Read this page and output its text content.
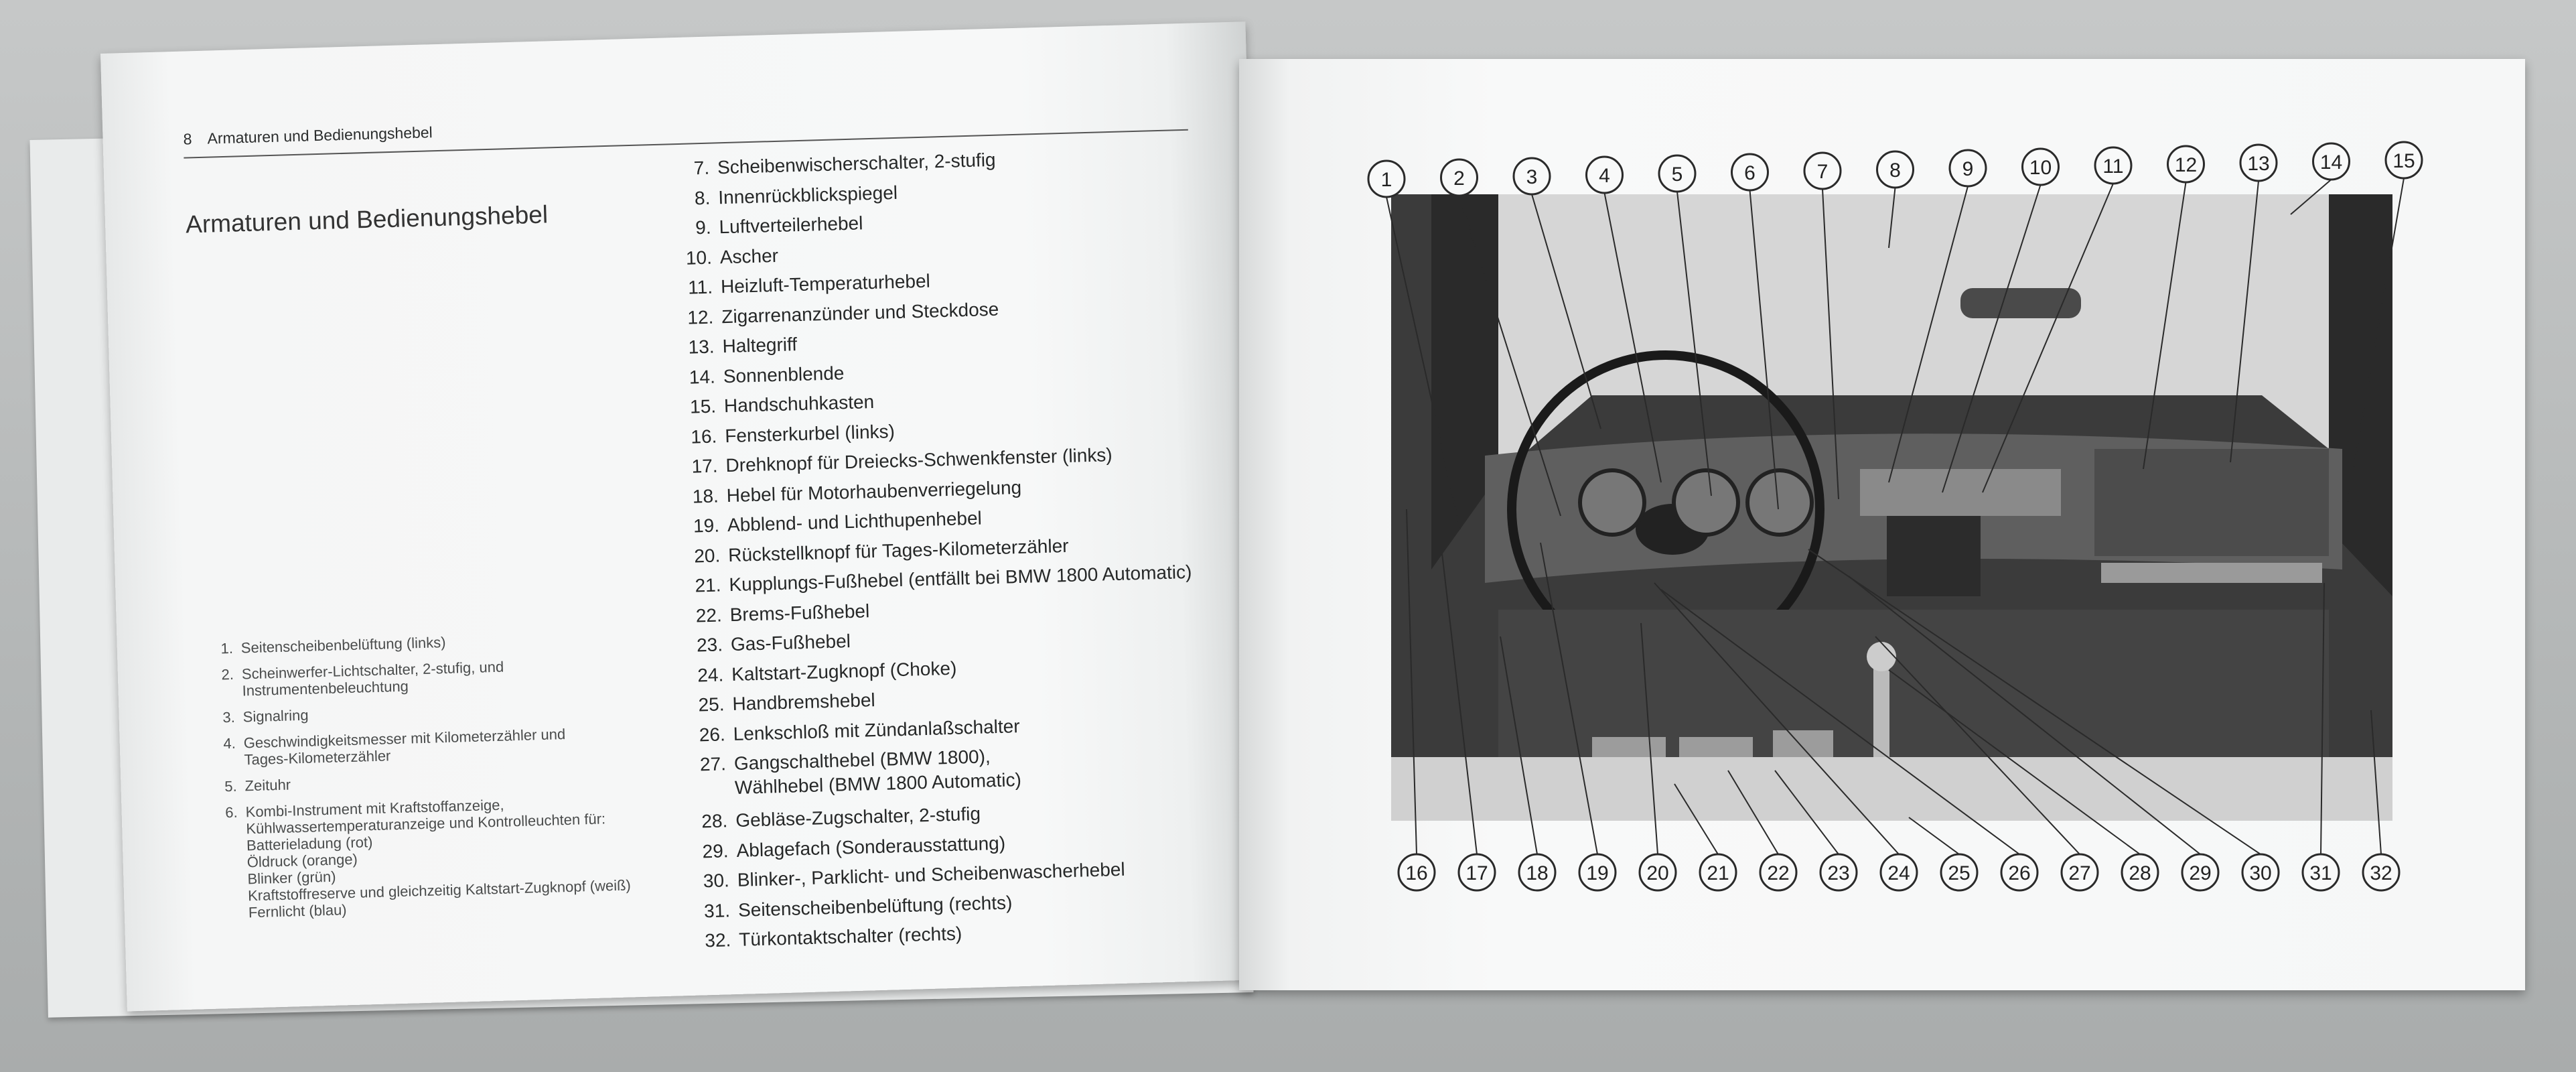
8 Armaturen und Bedienungshebel
Armaturen und Bedienungshebel
1. Seitenscheibenbelüftung (links)
2. Scheinwerfer-Lichtschalter, 2-stufig, und
Instrumentenbeleuchtung
3. Signalring
4. Geschwindigkeitsmesser mit Kilometerzähler und
Tages-Kilometerzähler
5. Zeituhr
6. Kombi-Instrument mit Kraftstoffanzeige,
Kühlwassertemperaturanzeige und Kontrolleuchten für:
Batterieladung (rot)
Öldruck (orange)
Blinker (grün)
Kraftstoffreserve und gleichzeitig Kaltstart-Zugknopf (weiß)
Fernlicht (blau)
7. Scheibenwischerschalter, 2-stufig
8. Innenrückblickspiegel
9. Luftverteilerhebel
10. Ascher
11. Heizluft-Temperaturhebel
12. Zigarrenanzünder und Steckdose
13. Haltegriff
14. Sonnenblende
15. Handschuhkasten
16. Fensterkurbel (links)
17. Drehknopf für Dreiecks-Schwenkfenster (links)
18. Hebel für Motorhaubenverriegelung
19. Abblend- und Lichthupenhebel
20. Rückstellknopf für Tages-Kilometerzähler
21. Kupplungs-Fußhebel (entfällt bei BMW 1800 Automatic)
22. Brems-Fußhebel
23. Gas-Fußhebel
24. Kaltstart-Zugknopf (Choke)
25. Handbremshebel
26. Lenkschloß mit Zündanlaßschalter
27. Gangschalthebel (BMW 1800),
Wählhebel (BMW 1800 Automatic)
28. Gebläse-Zugschalter, 2-stufig
29. Ablagefach (Sonderausstattung)
30. Blinker-, Parklicht- und Scheibenwascherhebel
31. Seitenscheibenbelüftung (rechts)
32. Türkontaktschalter (rechts)
1	2	3	4	5	6	7	8	9	10	11	12	13	14	15
16 17 18 19 20 21 22 23 24 25 26 27 28 29 30 31 32
